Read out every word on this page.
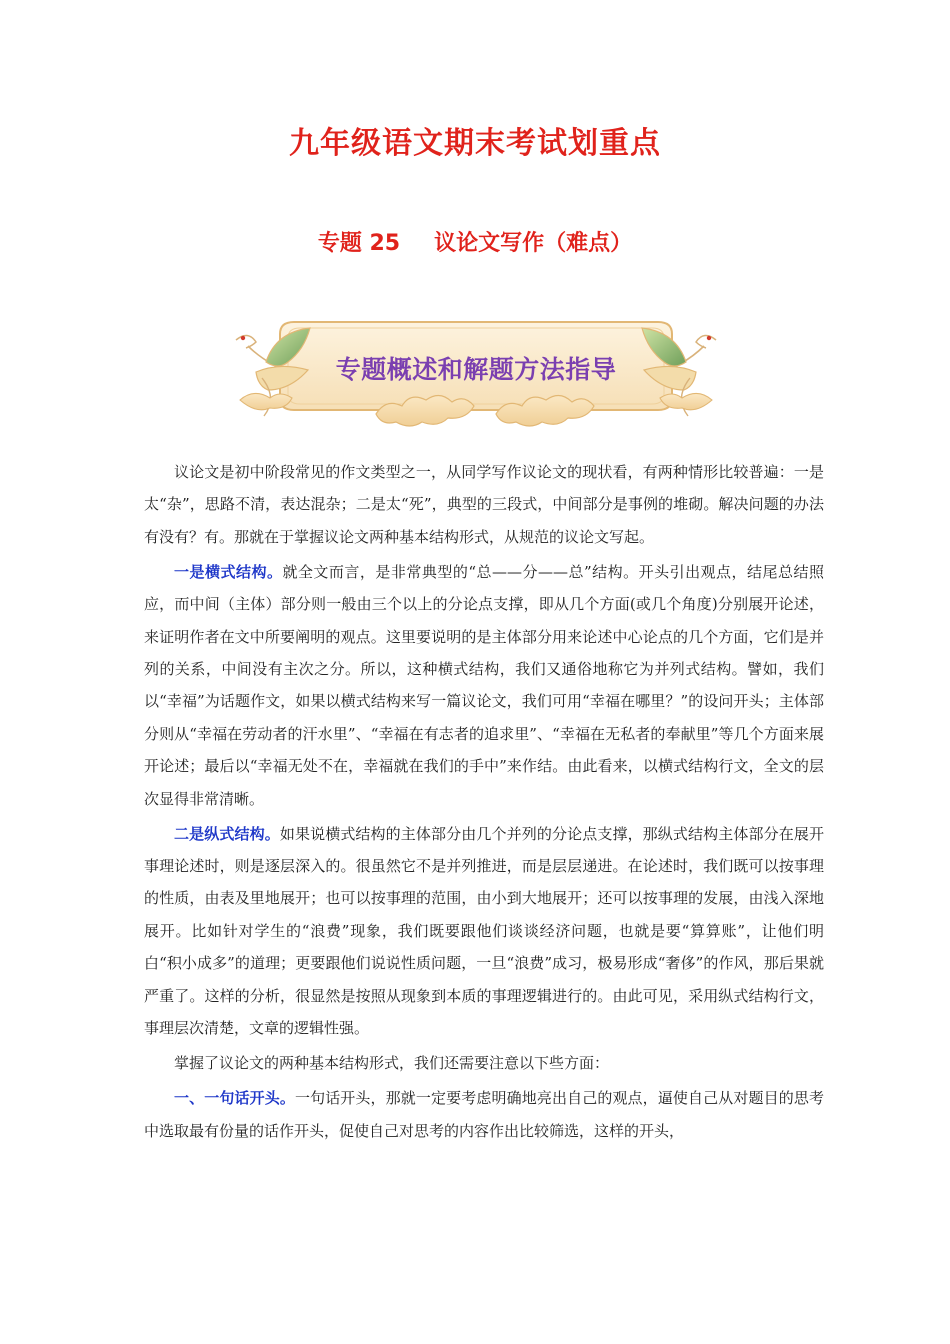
九年级语文期末考试划重点
专题 25 议论文写作（难点）
专题概述和解题方法指导

议论文是初中阶段常见的作文类型之一，从同学写作议论文的现状看，有两种情形比较普遍：一是太“杂”，思路不清，表达混杂；二是太“死”，典型的三段式，中间部分是事例的堆砌。解决问题的办法有没有？有。那就在于掌握议论文两种基本结构形式，从规范的议论文写起。

一是横式结构。就全文而言，是非常典型的“总——分——总”结构。开头引出观点，结尾总结照应，而中间（主体）部分则一般由三个以上的分论点支撑，即从几个方面(或几个角度)分别展开论述，来证明作者在文中所要阐明的观点。这里要说明的是主体部分用来论述中心论点的几个方面，它们是并列的关系，中间没有主次之分。所以，这种横式结构，我们又通俗地称它为并列式结构。譬如，我们以“幸福”为话题作文，如果以横式结构来写一篇议论文，我们可用“幸福在哪里？”的设问开头；主体部分则从“幸福在劳动者的汗水里”、“幸福在有志者的追求里”、“幸福在无私者的奉献里”等几个方面来展开论述；最后以“幸福无处不在，幸福就在我们的手中”来作结。由此看来，以横式结构行文，全文的层次显得非常清晰。

二是纵式结构。如果说横式结构的主体部分由几个并列的分论点支撑，那纵式结构主体部分在展开事理论述时，则是逐层深入的。很虽然它不是并列推进，而是层层递进。在论述时，我们既可以按事理的性质，由表及里地展开；也可以按事理的范围，由小到大地展开；还可以按事理的发展，由浅入深地展开。比如针对学生的“浪费”现象，我们既要跟他们谈谈经济问题，也就是要“算算账”，让他们明白“积小成多”的道理；更要跟他们说说性质问题，一旦“浪费”成习，极易形成“奢侈”的作风，那后果就严重了。这样的分析，很显然是按照从现象到本质的事理逻辑进行的。由此可见，采用纵式结构行文，事理层次清楚，文章的逻辑性强。

掌握了议论文的两种基本结构形式，我们还需要注意以下些方面：

一、一句话开头。一句话开头，那就一定要考虑明确地亮出自己的观点，逼使自己从对题目的思考中选取最有份量的话作开头，促使自己对思考的内容作出比较筛选，这样的开头，
